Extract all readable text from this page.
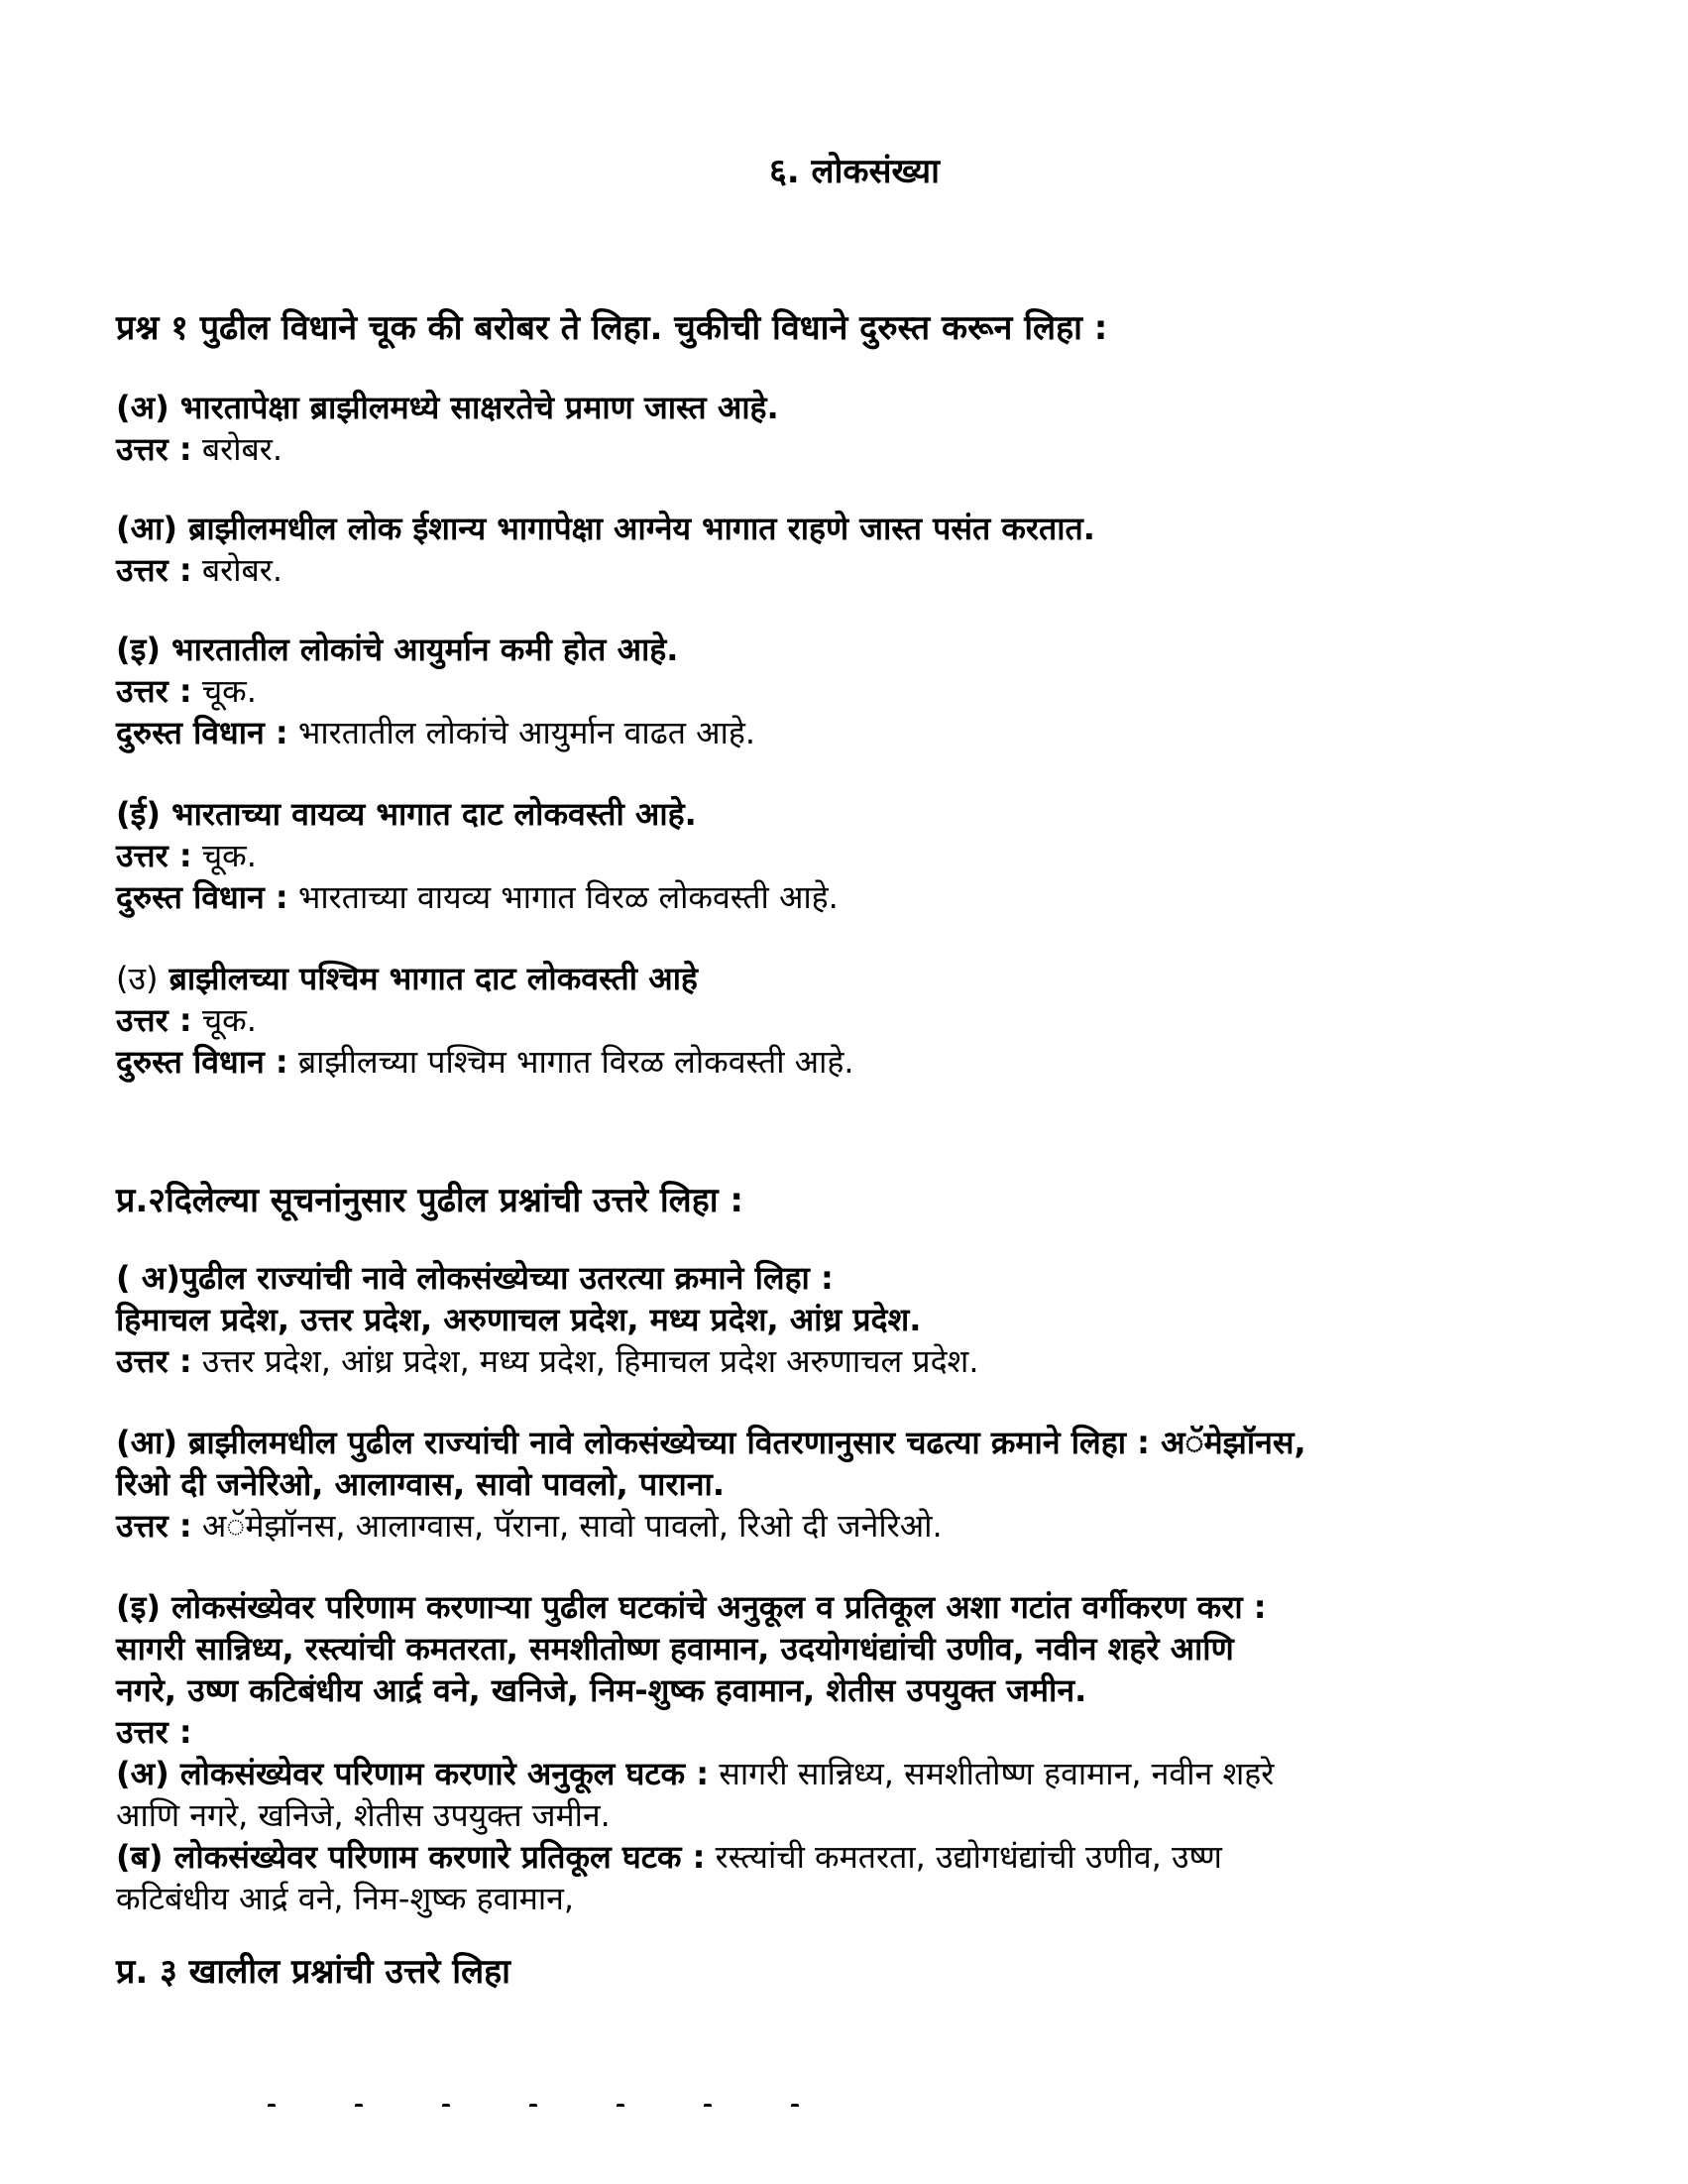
६. लोकसंख्या
प्रश्न १ पुढील विधाने चूक की बरोबर ते लिहा. चुकीची विधाने दुरुस्त करून लिहा :
(अ) भारतापेक्षा ब्राझीलमध्ये साक्षरतेचे प्रमाण जास्त आहे.
उत्तर : बरोबर.
(आ) ब्राझीलमधील लोक ईशान्य भागापेक्षा आग्नेय भागात राहणे जास्त पसंत करतात.
उत्तर : बरोबर.
(इ) भारतातील लोकांचे आयुर्मान कमी होत आहे.
उत्तर : चूक.
दुरुस्त विधान : भारतातील लोकांचे आयुर्मान वाढत आहे.
(ई) भारताच्या वायव्य भागात दाट लोकवस्ती आहे.
उत्तर : चूक.
दुरुस्त विधान : भारताच्या वायव्य भागात विरळ लोकवस्ती आहे.
(उ) ब्राझीलच्या पश्चिम भागात दाट लोकवस्ती आहे
उत्तर : चूक.
दुरुस्त विधान : ब्राझीलच्या पश्चिम भागात विरळ लोकवस्ती आहे.
प्र.२दिलेल्या सूचनांनुसार पुढील प्रश्नांची उत्तरे लिहा :
( अ)पुढील राज्यांची नावे लोकसंख्येच्या उतरत्या क्रमाने लिहा :
हिमाचल प्रदेश, उत्तर प्रदेश, अरुणाचल प्रदेश, मध्य प्रदेश, आंध्र प्रदेश.
उत्तर : उत्तर प्रदेश, आंध्र प्रदेश, मध्य प्रदेश, हिमाचल प्रदेश अरुणाचल प्रदेश.
(आ) ब्राझीलमधील पुढील राज्यांची नावे लोकसंख्येच्या वितरणानुसार चढत्या क्रमाने लिहा : अॅमेझॉनस,
रिओ दी जनेरिओ, आलाग्वास, सावो पावलो, पाराना.
उत्तर : अॅमेझॉनस, आलाग्वास, पॅराना, सावो पावलो, रिओ दी जनेरिओ.
(इ) लोकसंख्येवर परिणाम करणाऱ्या पुढील घटकांचे अनुकूल व प्रतिकूल अशा गटांत वर्गीकरण करा :
सागरी सान्निध्य, रस्त्यांची कमतरता, समशीतोष्ण हवामान, उदयोगधंद्यांची उणीव, नवीन शहरे आणि
नगरे, उष्ण कटिबंधीय आर्द्र वने, खनिजे, निम-शुष्क हवामान, शेतीस उपयुक्त जमीन.
उत्तर :
(अ) लोकसंख्येवर परिणाम करणारे अनुकूल घटक : सागरी सान्निध्य, समशीतोष्ण हवामान, नवीन शहरे
आणि नगरे, खनिजे, शेतीस उपयुक्त जमीन.
(ब) लोकसंख्येवर परिणाम करणारे प्रतिकूल घटक : रस्त्यांची कमतरता, उद्योगधंद्यांची उणीव, उष्ण
कटिबंधीय आर्द्र वने, निम-शुष्क हवामान,
प्र. ३ खालील प्रश्नांची उत्तरे लिहा
